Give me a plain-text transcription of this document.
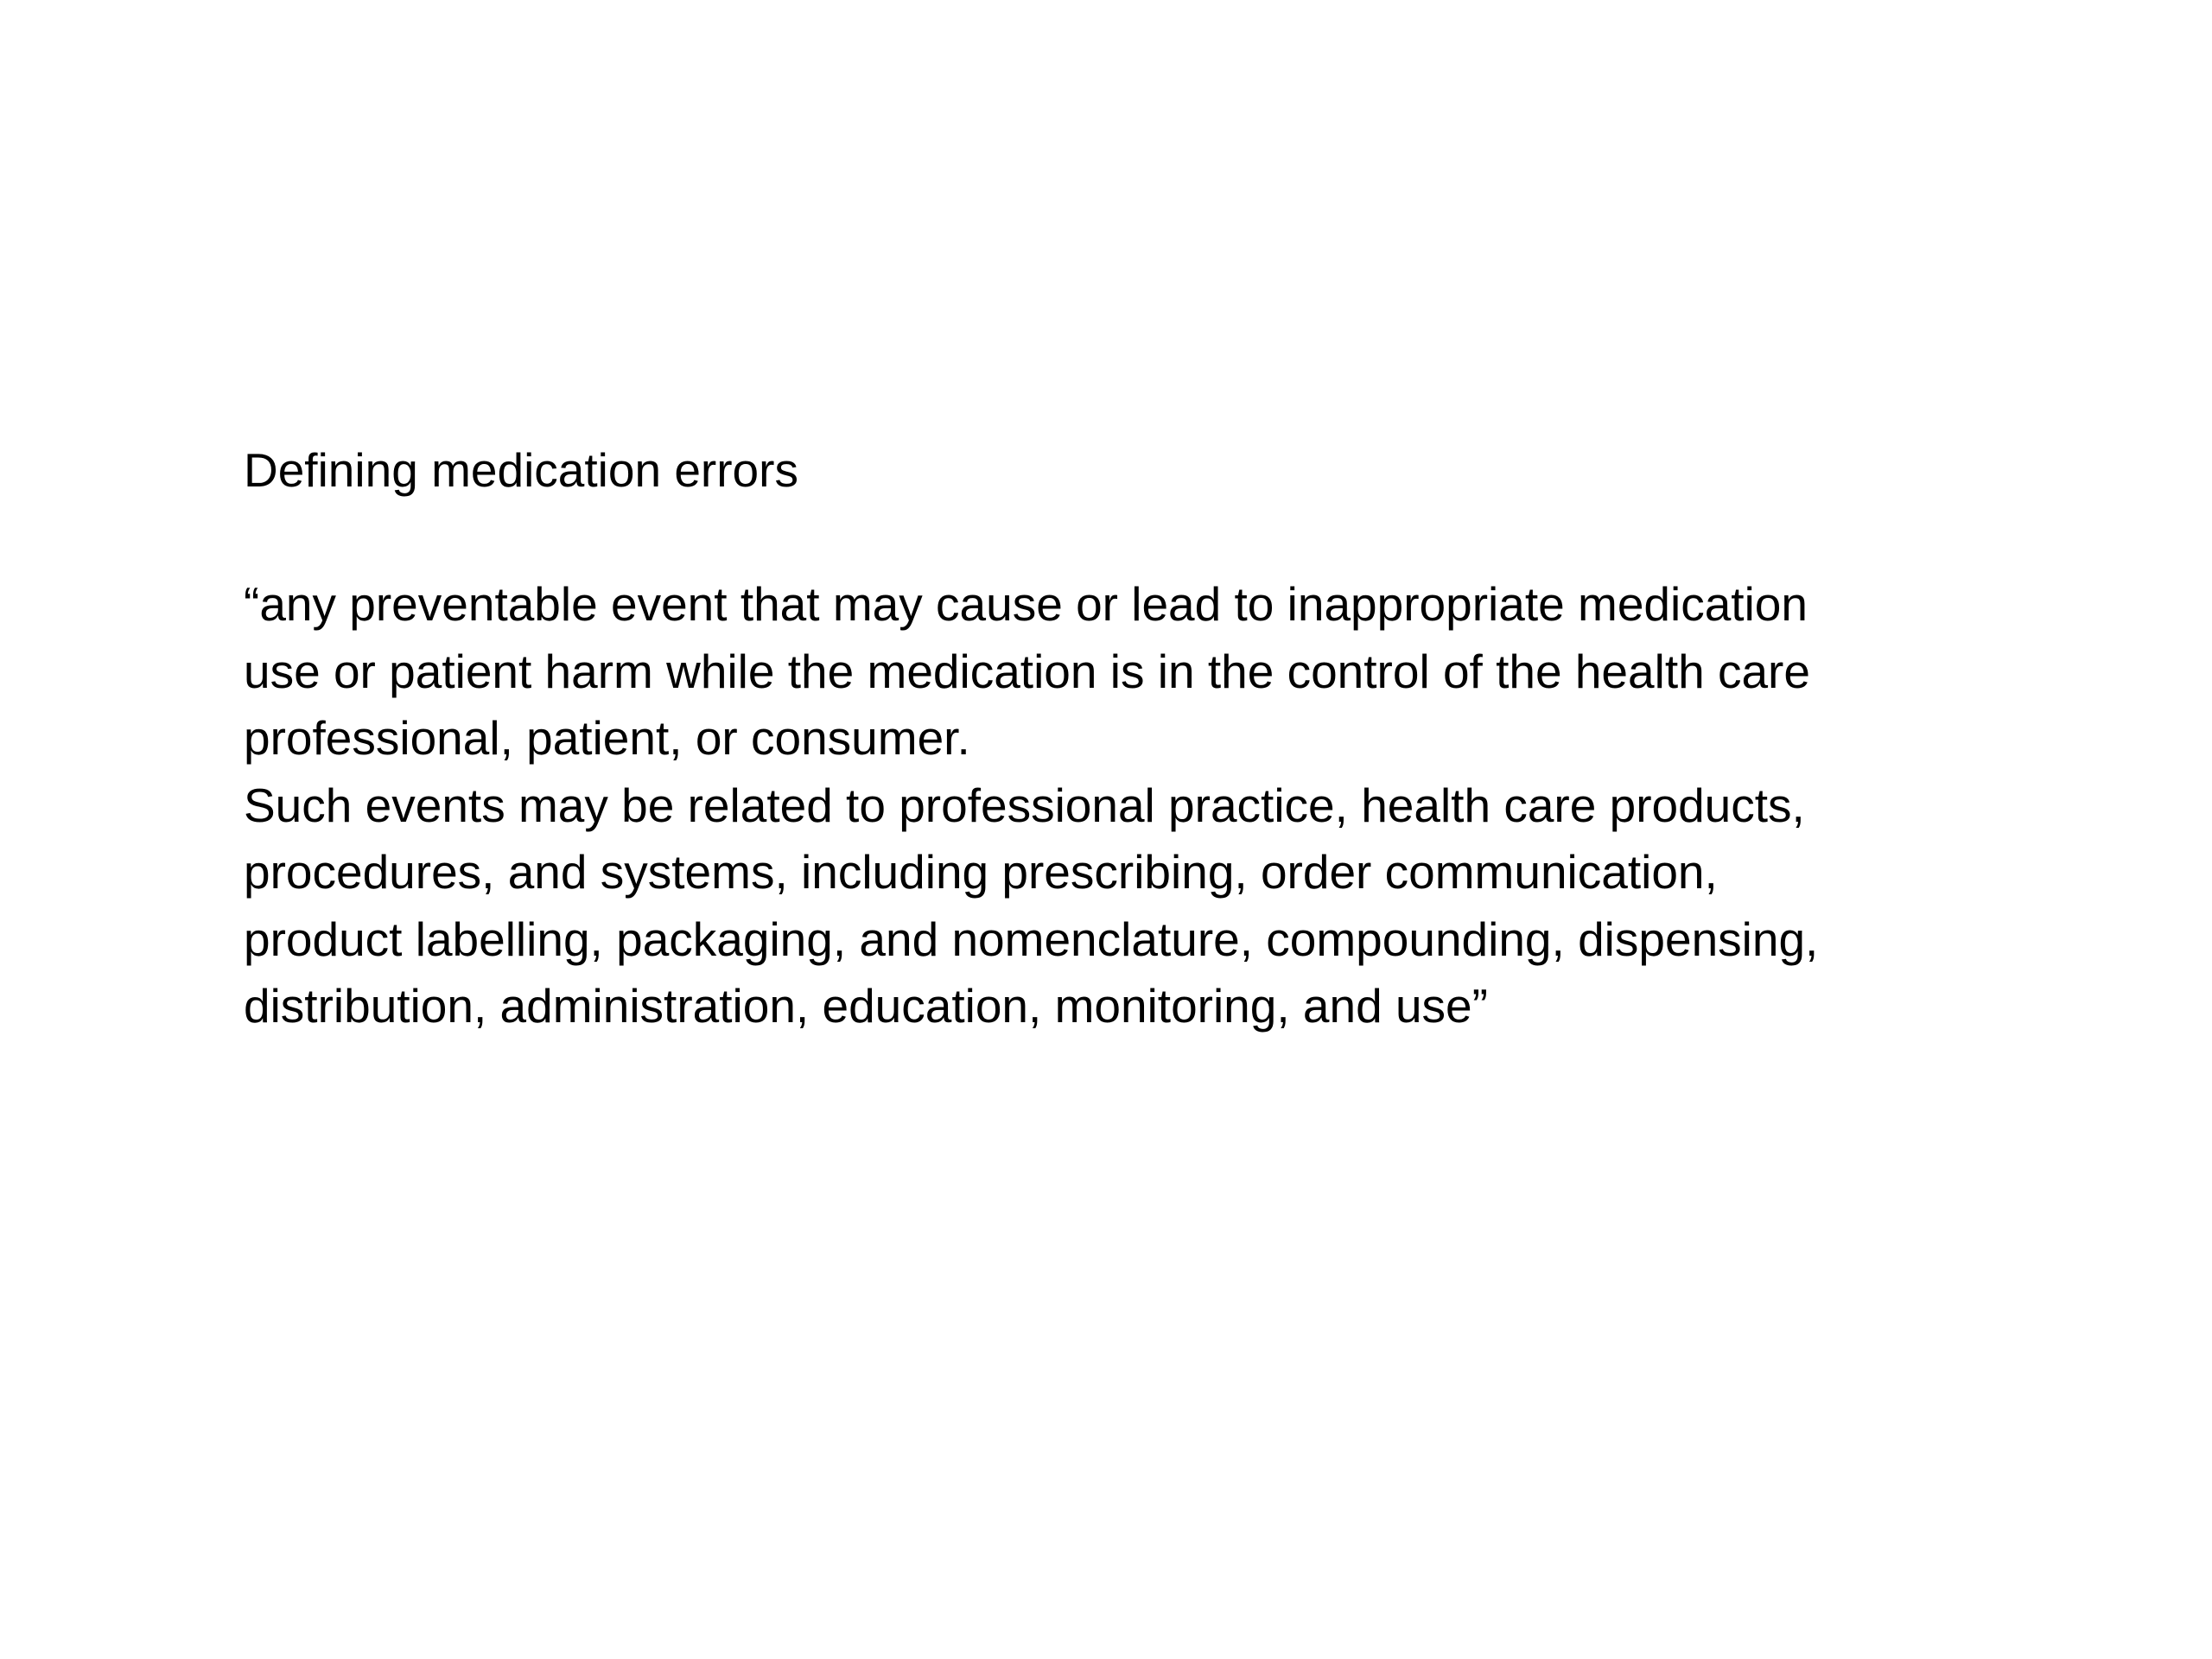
Defining medication errors
“any preventable event that may cause or lead to inappropriate medication
use or patient harm while the medication is in the control of the health care
professional, patient, or consumer.
Such events may be related to professional practice, health care products,
procedures, and systems, including prescribing, order communication,
product labelling, packaging, and nomenclature, compounding, dispensing,
distribution, administration, education, monitoring, and use”
